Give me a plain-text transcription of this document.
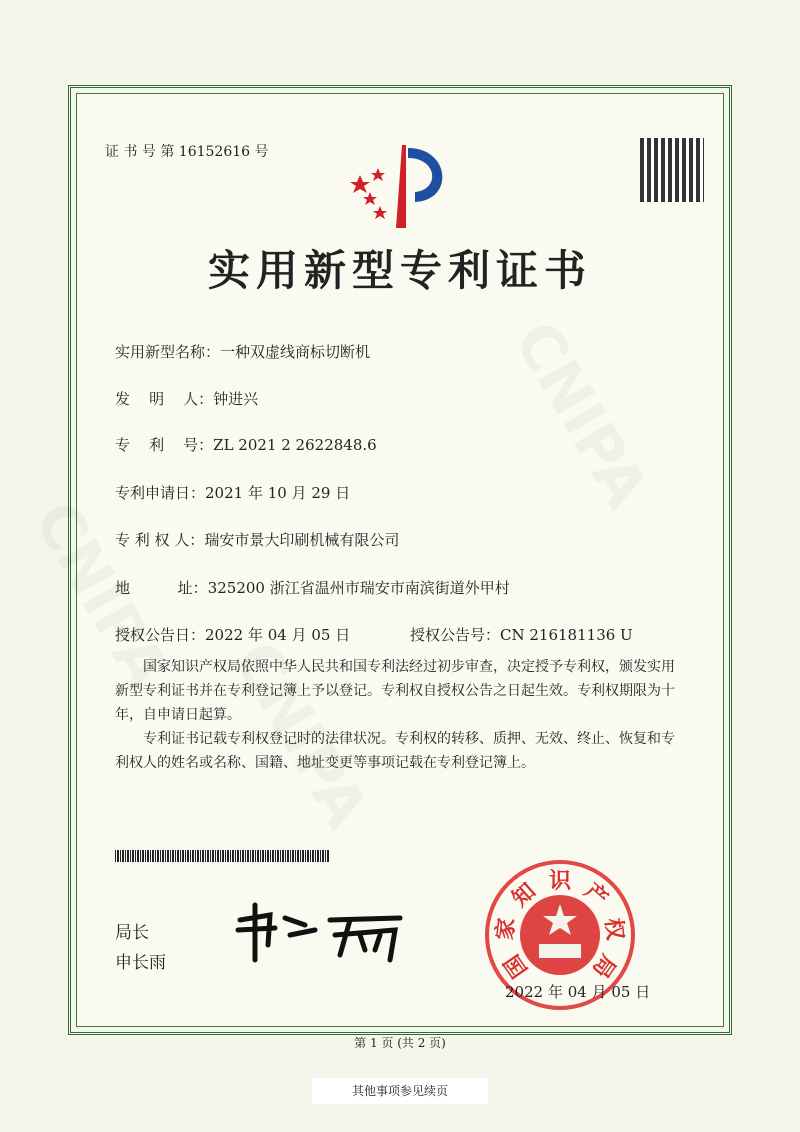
证 书 号 第 16152616 号
实用新型专利证书
实用新型名称：一种双虚线商标切断机
发    明    人：钟进兴
专    利    号：ZL 2021 2 2622848.6
专利申请日：2021 年 10 月 29 日
专 利 权 人：瑞安市景大印刷机械有限公司
地          址：325200 浙江省温州市瑞安市南滨街道外甲村
授权公告日：2022 年 04 月 05 日	授权公告号：CN 216181136 U
国家知识产权局依照中华人民共和国专利法经过初步审查，决定授予专利权，颁发实用新型专利证书并在专利登记簿上予以登记。专利权自授权公告之日起生效。专利权期限为十年，自申请日起算。
专利证书记载专利权登记时的法律状况。专利权的转移、质押、无效、终止、恢复和专利权人的姓名或名称、国籍、地址变更等事项记载在专利登记簿上。
局长
申长雨	国
家
知 识 产
权
局
2022 年 04 月 05 日
第 1 页 (共 2 页)
其他事项参见续页
